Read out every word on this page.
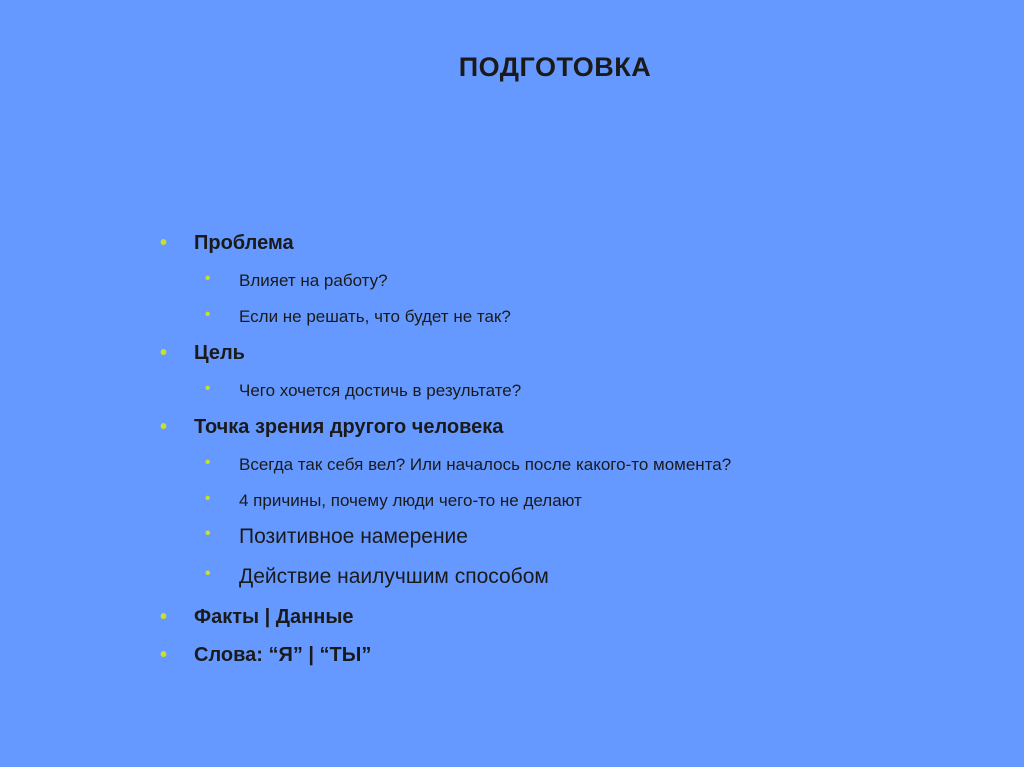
ПОДГОТОВКА
• Проблема
• Влияет на работу?
• Если не решать, что будет не так?
• Цель
• Чего хочется достичь в результате?
• Точка зрения другого человека
• Всегда так себя вел? Или началось после какого-то момента?
• 4 причины, почему люди чего-то не делают
• Позитивное намерение
• Действие наилучшим способом
• Факты | Данные
• Слова: “Я” | “ТЫ”
